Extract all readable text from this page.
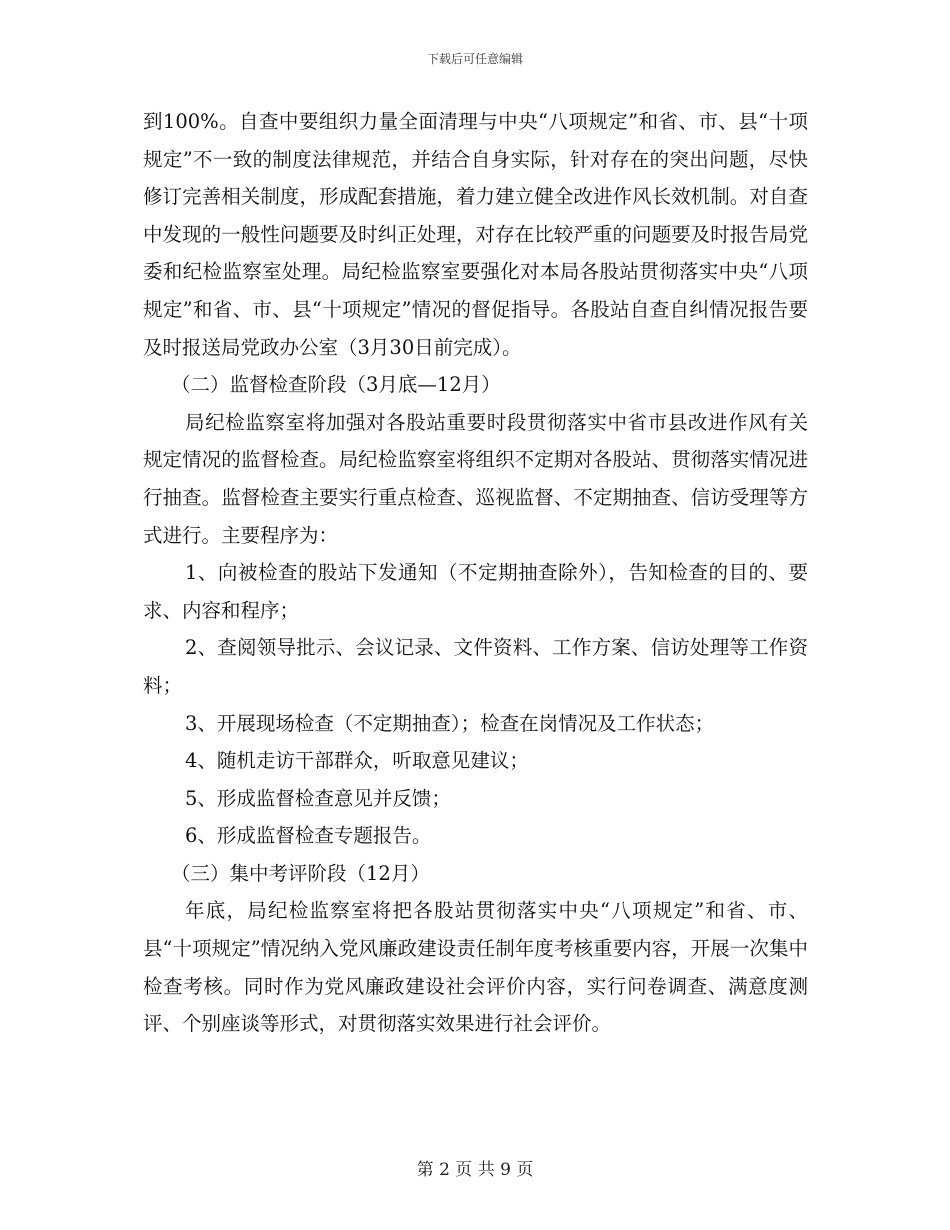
下载后可任意编辑

到100%。自查中要组织力量全面清理与中央“八项规定”和省、市、县“十项规定”不一致的制度法律规范，并结合自身实际，针对存在的突出问题，尽快修订完善相关制度，形成配套措施，着力建立健全改进作风长效机制。对自查中发现的一般性问题要及时纠正处理，对存在比较严重的问题要及时报告局党委和纪检监察室处理。局纪检监察室要强化对本局各股站贯彻落实中央“八项规定”和省、市、县“十项规定”情况的督促指导。各股站自查自纠情况报告要及时报送局党政办公室（3月30日前完成）。

（二）监督检查阶段（3月底—12月）

局纪检监察室将加强对各股站重要时段贯彻落实中省市县改进作风有关规定情况的监督检查。局纪检监察室将组织不定期对各股站、贯彻落实情况进行抽查。监督检查主要实行重点检查、巡视监督、不定期抽查、信访受理等方式进行。主要程序为：

1、向被检查的股站下发通知（不定期抽查除外），告知检查的目的、要求、内容和程序；

2、查阅领导批示、会议记录、文件资料、工作方案、信访处理等工作资料；

3、开展现场检查（不定期抽查）；检查在岗情况及工作状态；

4、随机走访干部群众，听取意见建议；

5、形成监督检查意见并反馈；

6、形成监督检查专题报告。

（三）集中考评阶段（12月）

年底，局纪检监察室将把各股站贯彻落实中央“八项规定”和省、市、县“十项规定”情况纳入党风廉政建设责任制年度考核重要内容，开展一次集中检查考核。同时作为党风廉政建设社会评价内容，实行问卷调查、满意度测评、个别座谈等形式，对贯彻落实效果进行社会评价。

第 2 页 共 9 页
